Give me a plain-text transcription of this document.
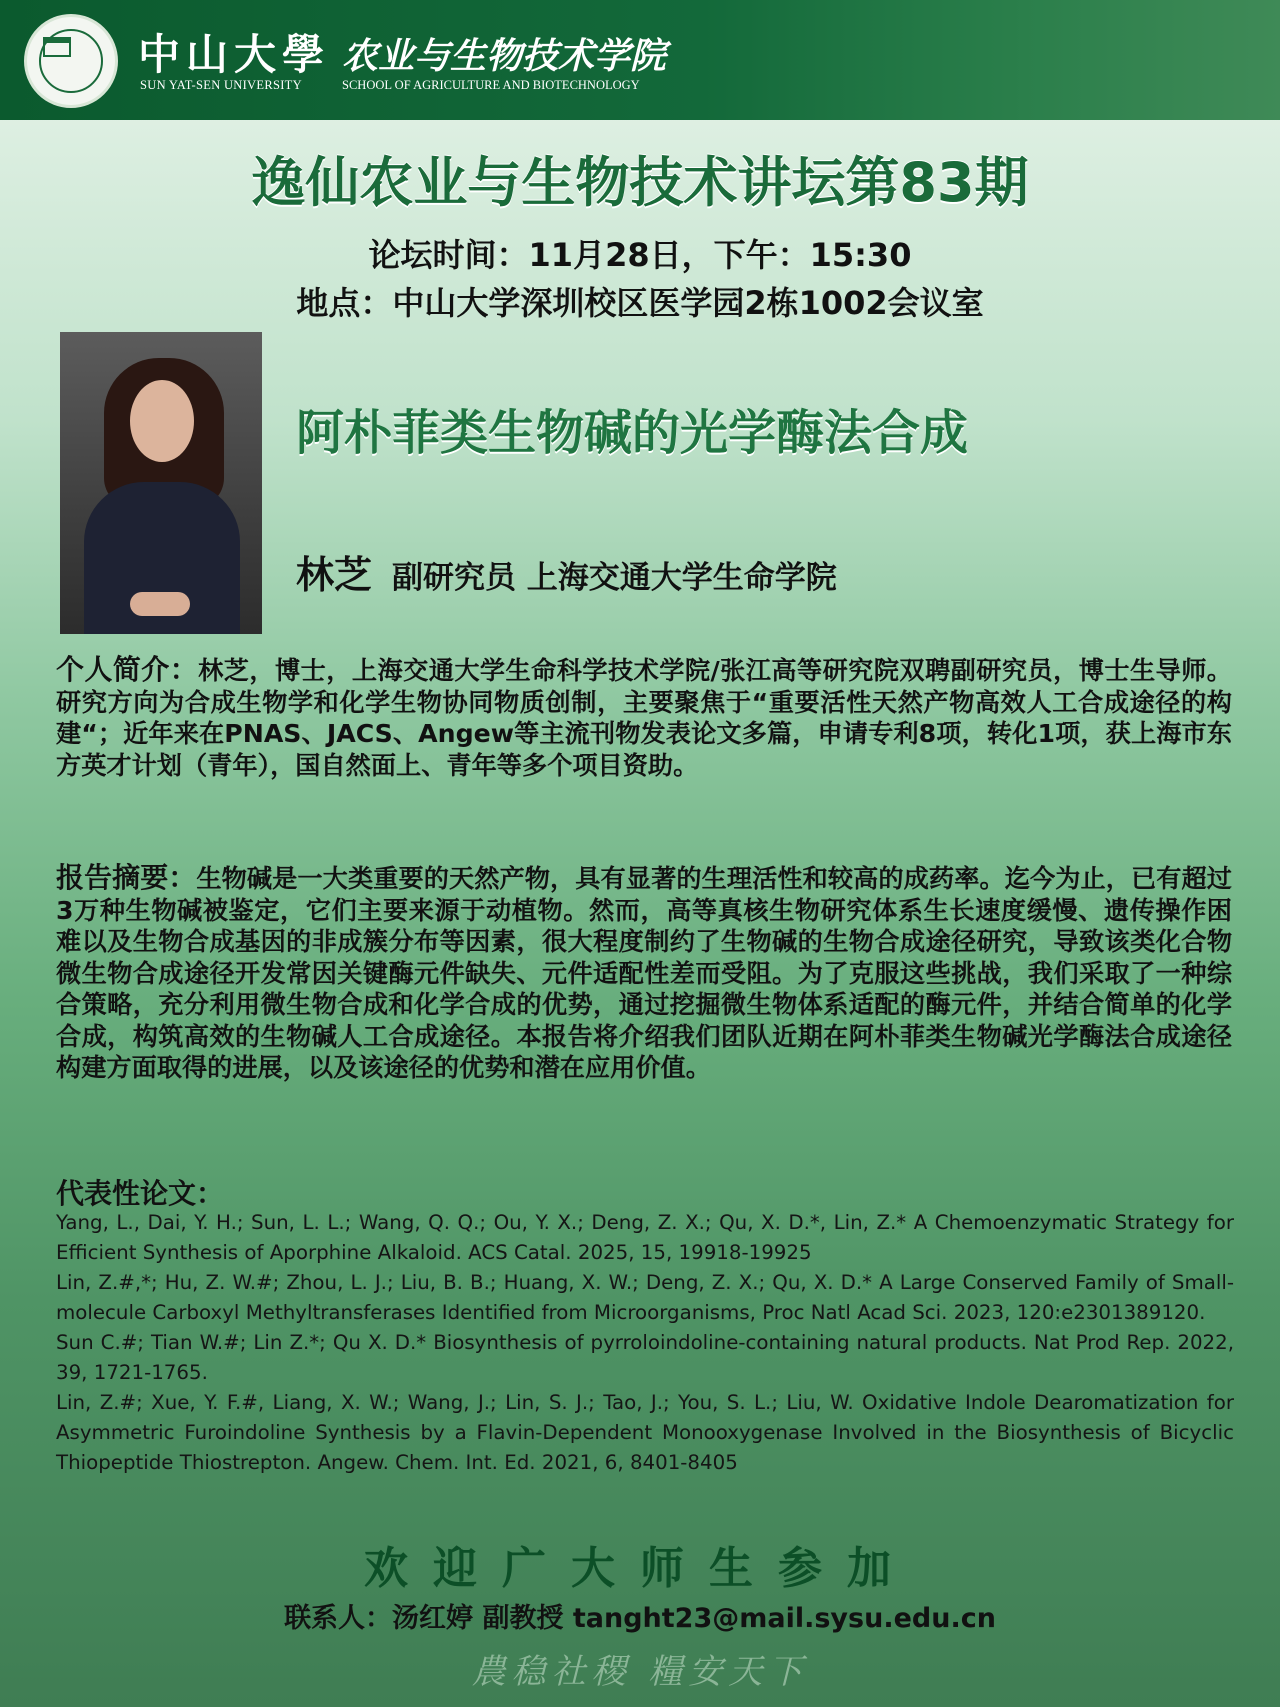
中山大學
SUN YAT-SEN UNIVERSITY
农业与生物技术学院
SCHOOL OF AGRICULTURE AND BIOTECHNOLOGY
逸仙农业与生物技术讲坛第83期
论坛时间：11月28日，下午：15:30
地点：中山大学深圳校区医学园2栋1002会议室
阿朴菲类生物碱的光学酶法合成
林芝 副研究员 上海交通大学生命学院
个人简介：林芝，博士，上海交通大学生命科学技术学院/张江高等研究院双聘副研究员，博士生导师。研究方向为合成生物学和化学生物协同物质创制，主要聚焦于“重要活性天然产物高效人工合成途径的构建“；近年来在PNAS、JACS、Angew等主流刊物发表论文多篇，申请专利8项，转化1项，获上海市东方英才计划（青年），国自然面上、青年等多个项目资助。
报告摘要：生物碱是一大类重要的天然产物，具有显著的生理活性和较高的成药率。迄今为止，已有超过3万种生物碱被鉴定，它们主要来源于动植物。然而，高等真核生物研究体系生长速度缓慢、遗传操作困难以及生物合成基因的非成簇分布等因素，很大程度制约了生物碱的生物合成途径研究，导致该类化合物微生物合成途径开发常因关键酶元件缺失、元件适配性差而受阻。为了克服这些挑战，我们采取了一种综合策略，充分利用微生物合成和化学合成的优势，通过挖掘微生物体系适配的酶元件，并结合简单的化学合成，构筑高效的生物碱人工合成途径。本报告将介绍我们团队近期在阿朴菲类生物碱光学酶法合成途径构建方面取得的进展，以及该途径的优势和潜在应用价值。
代表性论文：
Yang, L., Dai, Y. H.; Sun, L. L.; Wang, Q. Q.; Ou, Y. X.; Deng, Z. X.; Qu, X. D.*, Lin, Z.* A Chemoenzymatic Strategy for Efficient Synthesis of Aporphine Alkaloid. ACS Catal. 2025, 15, 19918-19925
Lin, Z.#,*; Hu, Z. W.#; Zhou, L. J.; Liu, B. B.; Huang, X. W.; Deng, Z. X.; Qu, X. D.* A Large Conserved Family of Small-molecule Carboxyl Methyltransferases Identified from Microorganisms, Proc Natl Acad Sci. 2023, 120:e2301389120.
Sun C.#; Tian W.#; Lin Z.*; Qu X. D.* Biosynthesis of pyrroloindoline-containing natural products. Nat Prod Rep. 2022, 39, 1721-1765.
Lin, Z.#; Xue, Y. F.#, Liang, X. W.; Wang, J.; Lin, S. J.; Tao, J.; You, S. L.; Liu, W. Oxidative Indole Dearomatization for Asymmetric Furoindoline Synthesis by a Flavin-Dependent Monooxygenase Involved in the Biosynthesis of Bicyclic Thiopeptide Thiostrepton. Angew. Chem. Int. Ed. 2021, 6, 8401-8405
欢迎广大师生参加
联系人：汤红婷 副教授 tanght23@mail.sysu.edu.cn
農稳社稷 糧安天下
